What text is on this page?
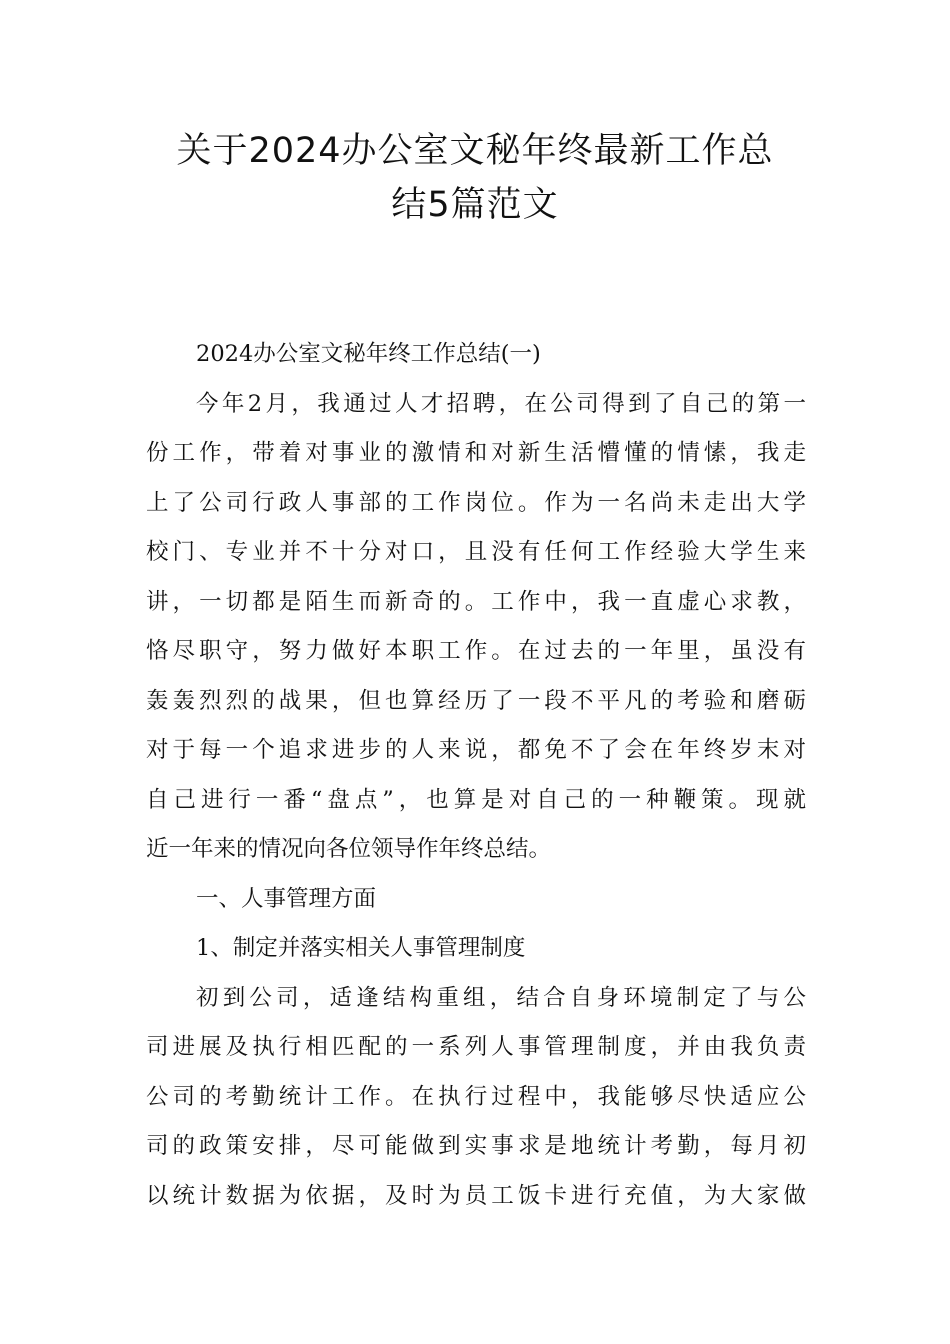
关于2024办公室文秘年终最新工作总
结5篇范文
2024办公室文秘年终工作总结(一)
今年2月，我通过人才招聘，在公司得到了自己的第一
份工作，带着对事业的激情和对新生活懵懂的情愫，我走
上了公司行政人事部的工作岗位。作为一名尚未走出大学
校门、专业并不十分对口，且没有任何工作经验大学生来
讲，一切都是陌生而新奇的。工作中，我一直虚心求教，
恪尽职守，努力做好本职工作。在过去的一年里，虽没有
轰轰烈烈的战果，但也算经历了一段不平凡的考验和磨砺
对于每一个追求进步的人来说，都免不了会在年终岁末对
自己进行一番“盘点”，也算是对自己的一种鞭策。现就
近一年来的情况向各位领导作年终总结。
一、人事管理方面
1、制定并落实相关人事管理制度
初到公司，适逢结构重组，结合自身环境制定了与公
司进展及执行相匹配的一系列人事管理制度，并由我负责
公司的考勤统计工作。在执行过程中，我能够尽快适应公
司的政策安排，尽可能做到实事求是地统计考勤，每月初
以统计数据为依据，及时为员工饭卡进行充值，为大家做
